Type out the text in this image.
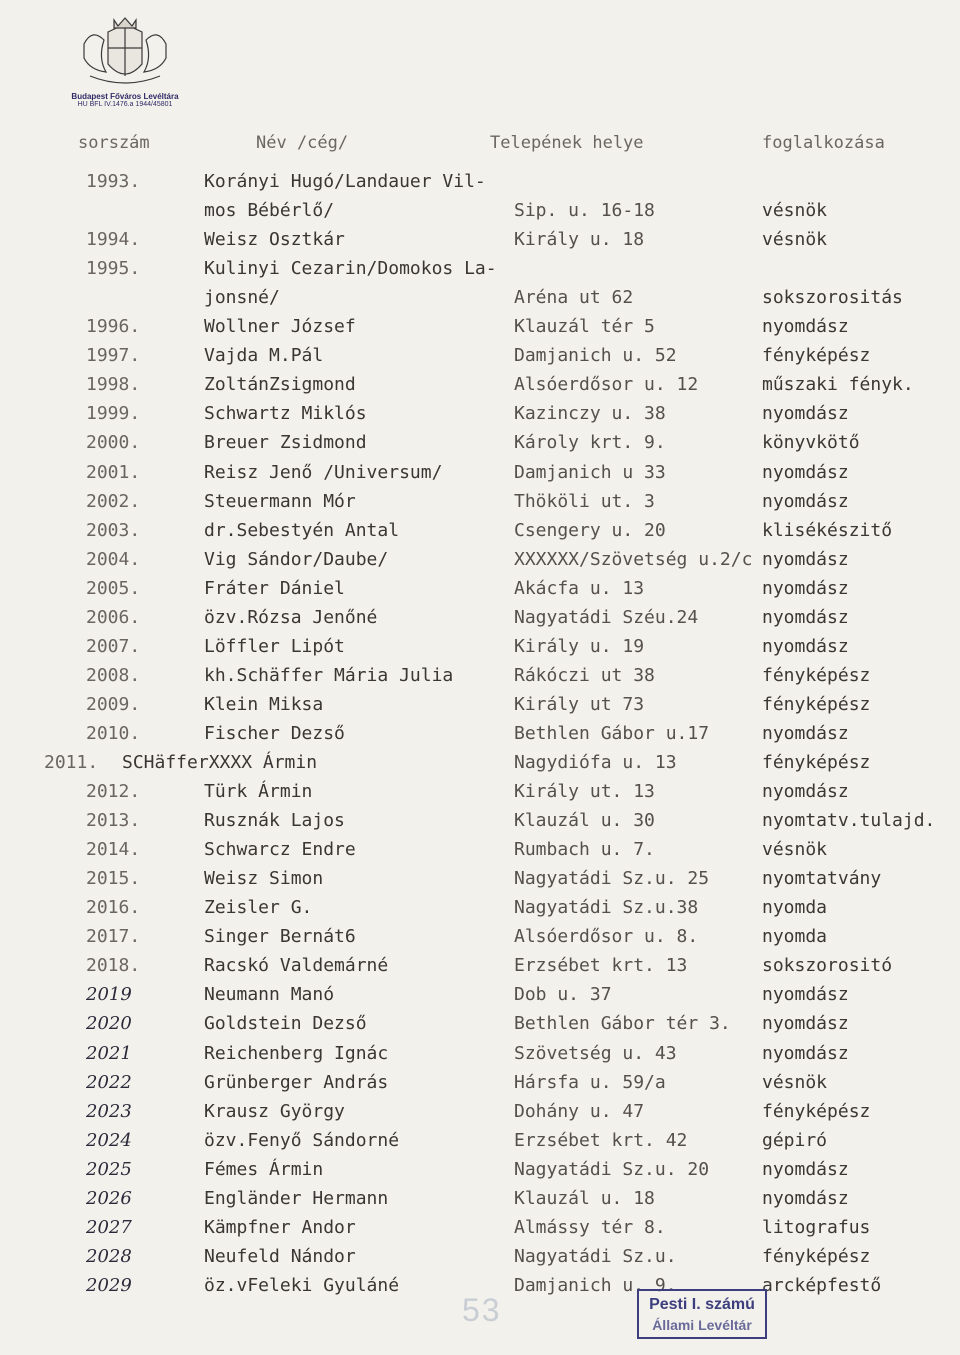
Budapest Főváros Levéltára
HU BFL IV.1476.a 1944/45801
sorszám	Név /cég/	Telepének helye	foglalkozása
1993.	Korányi Hugó/Landauer Vil-
mos Bébérlő/	Sip. u. 16-18	vésnök
1994.	Weisz Osztkár	Király u. 18	vésnök
1995.	Kulinyi Cezarin/Domokos La-
jonsné/	Aréna ut 62	sokszorositás
1996.	Wollner József	Klauzál tér 5	nyomdász
1997.	Vajda M.Pál	Damjanich u. 52	fényképész
1998.	ZoltánZsigmond	Alsóerdősor u. 12	műszaki fényk.
1999.	Schwartz Miklós	Kazinczy u. 38	nyomdász
2000.	Breuer Zsidmond	Károly krt. 9.	könyvkötő
2001.	Reisz Jenő /Universum/	Damjanich u 33	nyomdász
2002.	Steuermann Mór	Thököli ut. 3	nyomdász
2003.	dr.Sebestyén Antal	Csengery u. 20	klisékészitő
2004.	Vig Sándor/Daube/	XXXXXX/Szövetség u.2/c nyomdász
2005.	Fráter Dániel	Akácfa u. 13	nyomdász
2006.	özv.Rózsa Jenőné	Nagyatádi Széu.24	nyomdász
2007.	Löffler Lipót	Király u. 19	nyomdász
2008.	kh.Schäffer Mária Julia	Rákóczi ut 38	fényképész
2009.	Klein Miksa	Király ut 73	fényképész
2010.	Fischer Dezső	Bethlen Gábor u.17	nyomdász
2011. SCHäfferXXXX Ármin	Nagydiófa u. 13	fényképész
2012.	Türk Ármin	Király ut. 13	nyomdász
2013.	Rusznák Lajos	Klauzál u. 30	nyomtatv.tulajd.
2014.	Schwarcz Endre	Rumbach u. 7.	vésnök
2015.	Weisz Simon	Nagyatádi Sz.u. 25	nyomtatvány
2016.	Zeisler G.	Nagyatádi Sz.u.38	nyomda
2017.	Singer Bernát6	Alsóerdősor u. 8.	nyomda
2018.	Racskó Valdemárné	Erzsébet krt. 13	sokszorositó
2019	Neumann Manó	Dob u. 37	nyomdász
2020	Goldstein Dezső	Bethlen Gábor tér 3. nyomdász
2021	Reichenberg Ignác	Szövetség u. 43	nyomdász
2022	Grünberger András	Hársfa u. 59/a	vésnök
2023	Krausz György	Dohány u. 47	fényképész
2024	özv.Fenyő Sándorné	Erzsébet krt. 42	gépiró
2025	Fémes Ármin	Nagyatádi Sz.u. 20	nyomdász
2026	Engländer Hermann	Klauzál u. 18	nyomdász
2027	Kämpfner Andor	Almássy tér 8.	litografus
2028	Neufeld Nándor	Nagyatádi Sz.u.	fényképész
2029	öz.vFeleki Gyuláné	Damjanich u. 9.	arcképfestő
53	Pesti I. számú
Állami Levéltár
